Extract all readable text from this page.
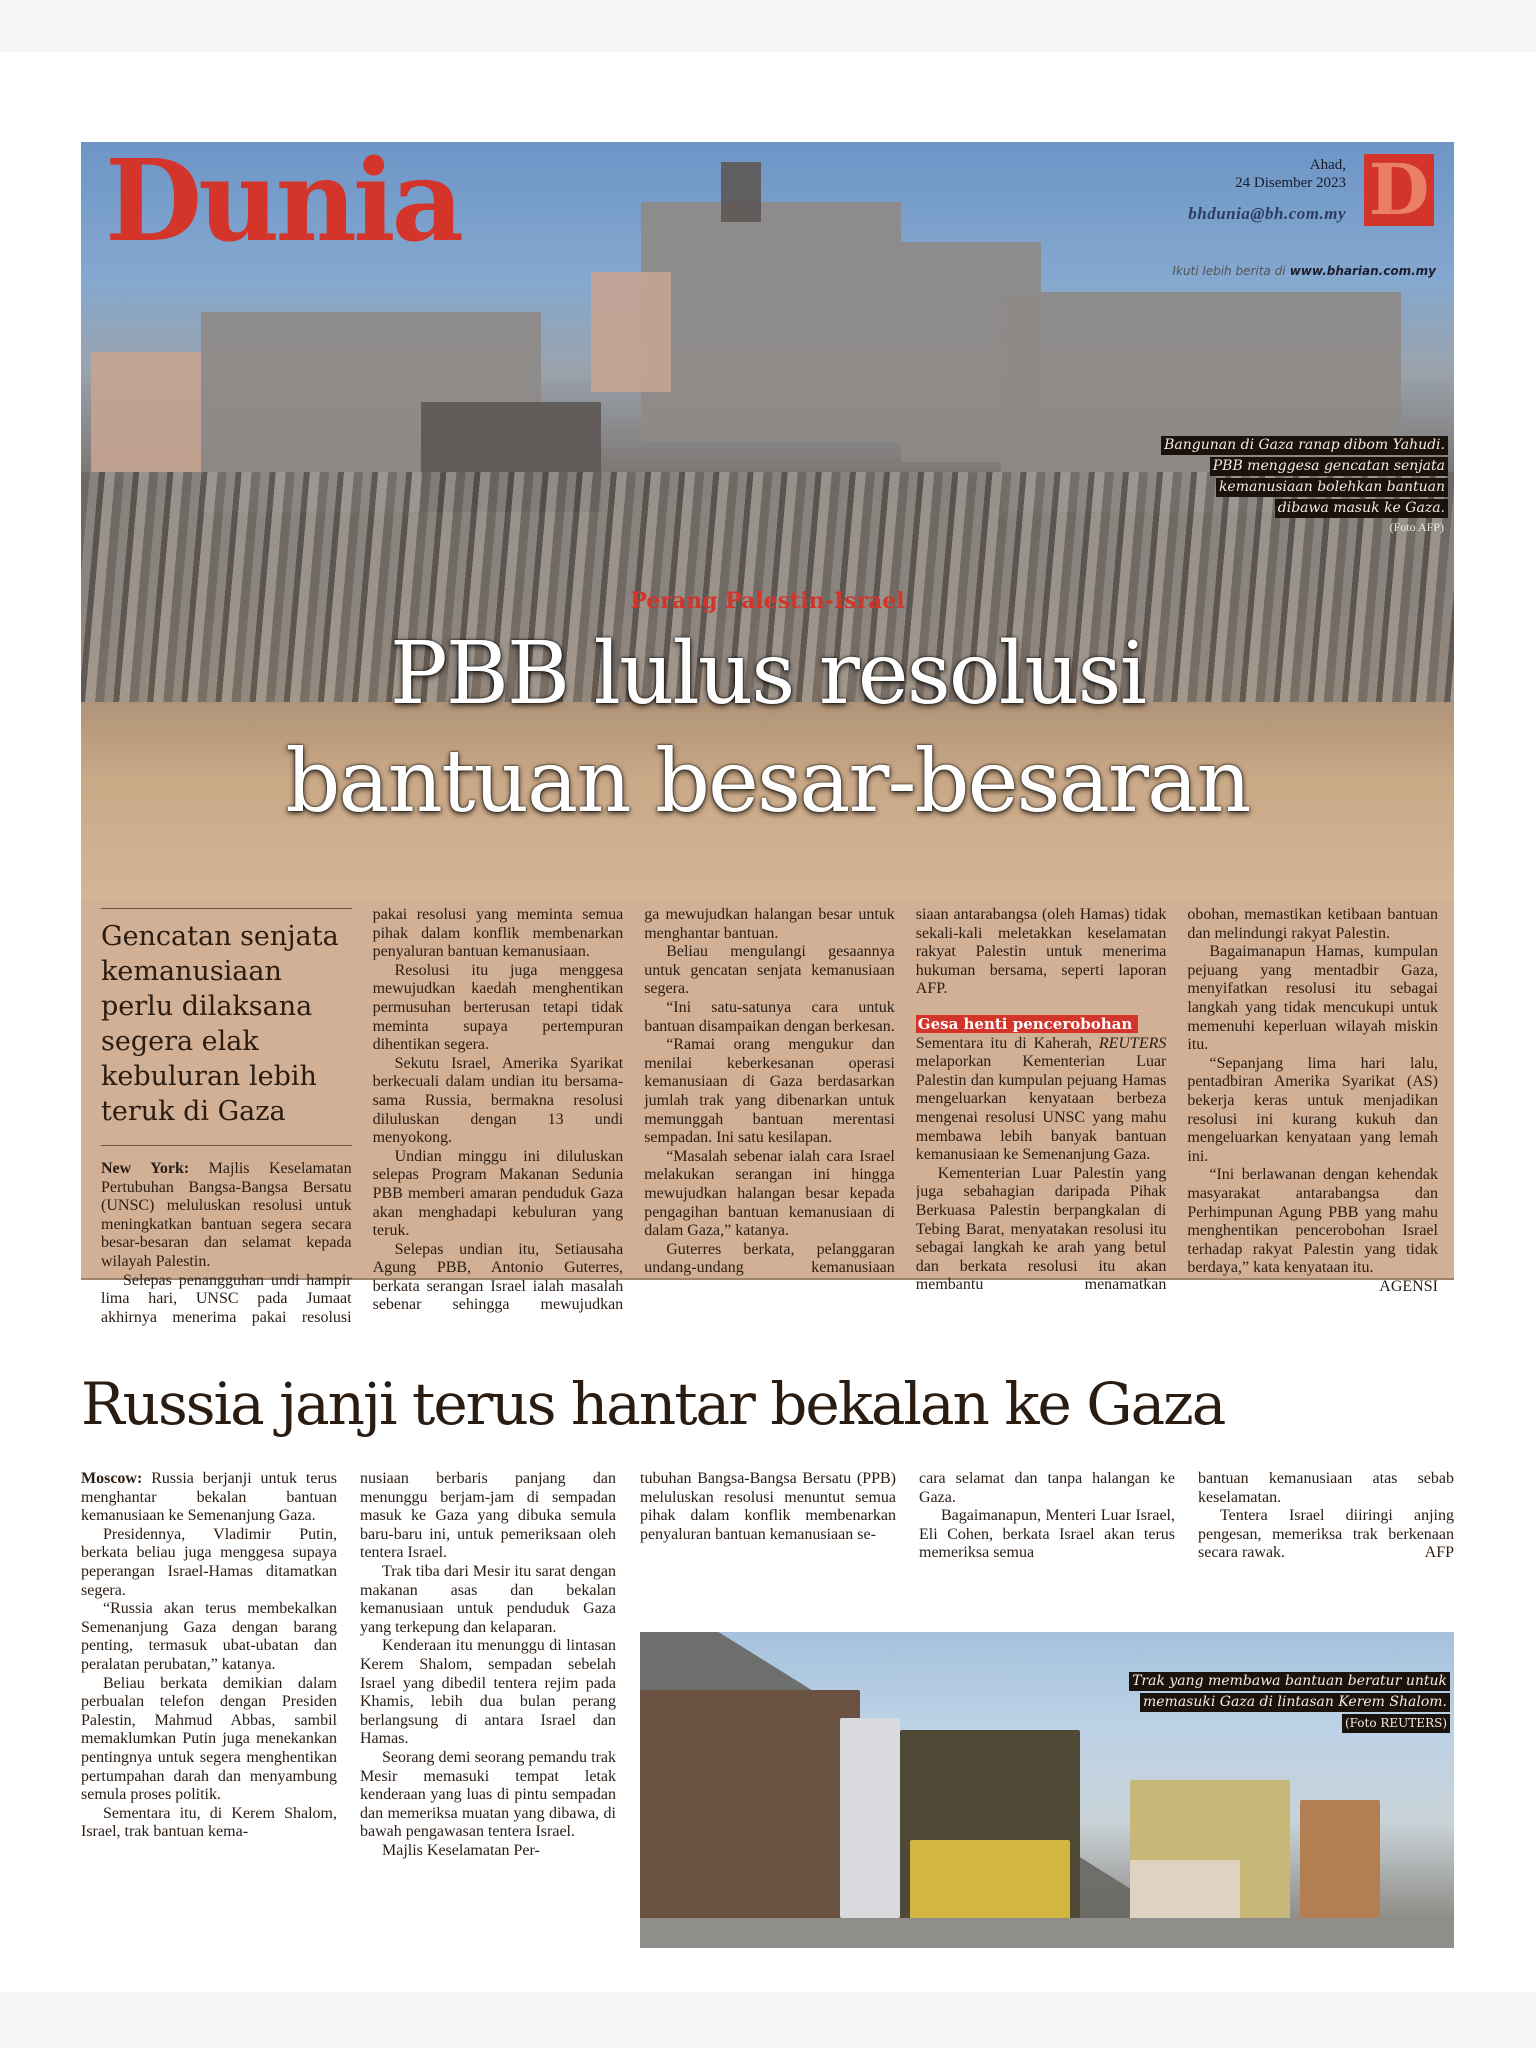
Dunia	Ahad,
24 Disember 2023
bhdunia@bh.com.my D
Ikuti lebih berita di www.bharian.com.my
Bangunan di Gaza ranap dibom Yahudi.
PBB menggesa gencatan senjata
kemanusiaan bolehkan bantuan
dibawa masuk ke Gaza.
(Foto AFP)
Perang Palestin-Israel
PBB lulus resolusi
bantuan besar-besaran
Gencatan senjata kemanusiaan perlu dilaksana segera elak kebuluran lebih teruk di Gaza

New York: Majlis Keselamatan Pertubuhan Bangsa-Bangsa Bersatu (UNSC) meluluskan resolusi untuk meningkatkan bantuan segera secara besar-besaran dan selamat kepada wilayah Palestin.

Selepas penangguhan undi hampir lima hari, UNSC pada Jumaat akhirnya menerima pakai resolusi

pakai resolusi yang meminta semua pihak dalam konflik membenarkan penyaluran bantuan kemanusiaan.

Resolusi itu juga menggesa mewujudkan kaedah menghentikan permusuhan berterusan tetapi tidak meminta supaya pertempuran dihentikan segera.

Sekutu Israel, Amerika Syarikat berkecuali dalam undian itu bersama-sama Russia, bermakna resolusi diluluskan dengan 13 undi menyokong.

Undian minggu ini diluluskan selepas Program Makanan Sedunia PBB memberi amaran penduduk Gaza akan menghadapi kebuluran yang teruk.

Selepas undian itu, Setiausaha Agung PBB, Antonio Guterres, berkata serangan Israel ialah masalah sebenar sehingga mewujudkan

ga mewujudkan halangan besar untuk menghantar bantuan.

Beliau mengulangi gesaannya untuk gencatan senjata kemanusiaan segera.

“Ini satu-satunya cara untuk bantuan disampaikan dengan berkesan.

“Ramai orang mengukur dan menilai keberkesanan operasi kemanusiaan di Gaza berdasarkan jumlah trak yang dibenarkan untuk memunggah bantuan merentasi sempadan. Ini satu kesilapan.

“Masalah sebenar ialah cara Israel melakukan serangan ini hingga mewujudkan halangan besar kepada pengagihan bantuan kemanusiaan di dalam Gaza,” katanya.

Guterres berkata, pelanggaran undang-undang kemanusiaan

siaan antarabangsa (oleh Hamas) tidak sekali-kali meletakkan keselamatan rakyat Palestin untuk menerima hukuman bersama, seperti laporan AFP.

Gesa henti pencerobohan

Sementara itu di Kaherah, REUTERS melaporkan Kementerian Luar Palestin dan kumpulan pejuang Hamas mengeluarkan kenyataan berbeza mengenai resolusi UNSC yang mahu membawa lebih banyak bantuan kemanusiaan ke Semenanjung Gaza.

Kementerian Luar Palestin yang juga sebahagian daripada Pihak Berkuasa Palestin berpangkalan di Tebing Barat, menyatakan resolusi itu sebagai langkah ke arah yang betul dan berkata resolusi itu akan membantu menamatkan

obohan, memastikan ketibaan bantuan dan melindungi rakyat Palestin.

Bagaimanapun Hamas, kumpulan pejuang yang mentadbir Gaza, menyifatkan resolusi itu sebagai langkah yang tidak mencukupi untuk memenuhi keperluan wilayah miskin itu.

“Sepanjang lima hari lalu, pentadbiran Amerika Syarikat (AS) bekerja keras untuk menjadikan resolusi ini kurang kukuh dan mengeluarkan kenyataan yang lemah ini.

“Ini berlawanan dengan kehendak masyarakat antarabangsa dan Perhimpunan Agung PBB yang mahu menghentikan pencerobohan Israel terhadap rakyat Palestin yang tidak berdaya,” kata kenyataan itu.

AGENSI

Russia janji terus hantar bekalan ke Gaza

Moscow: Russia berjanji untuk terus menghantar bekalan bantuan kemanusiaan ke Semenanjung Gaza.

Presidennya, Vladimir Putin, berkata beliau juga menggesa supaya peperangan Israel-Hamas ditamatkan segera.

“Russia akan terus membekalkan Semenanjung Gaza dengan barang penting, termasuk ubat-ubatan dan peralatan perubatan,” katanya.

Beliau berkata demikian dalam perbualan telefon dengan Presiden Palestin, Mahmud Abbas, sambil memaklumkan Putin juga menekankan pentingnya untuk segera menghentikan pertumpahan darah dan menyambung semula proses politik.

Sementara itu, di Kerem Shalom, Israel, trak bantuan kema-

nusiaan berbaris panjang dan menunggu berjam-jam di sempadan masuk ke Gaza yang dibuka semula baru-baru ini, untuk pemeriksaan oleh tentera Israel.

Trak tiba dari Mesir itu sarat dengan makanan asas dan bekalan kemanusiaan untuk penduduk Gaza yang terkepung dan kelaparan.

Kenderaan itu menunggu di lintasan Kerem Shalom, sempadan sebelah Israel yang dibedil tentera rejim pada Khamis, lebih dua bulan perang berlangsung di antara Israel dan Hamas.

Seorang demi seorang pemandu trak Mesir memasuki tempat letak kenderaan yang luas di pintu sempadan dan memeriksa muatan yang dibawa, di bawah pengawasan tentera Israel.

Majlis Keselamatan Per-

tubuhan Bangsa-Bangsa Bersatu (PPB) meluluskan resolusi menuntut semua pihak dalam konflik membenarkan penyaluran bantuan kemanusiaan se-

cara selamat dan tanpa halangan ke Gaza.

Bagaimanapun, Menteri Luar Israel, Eli Cohen, berkata Israel akan terus memeriksa semua

bantuan kemanusiaan atas sebab keselamatan.

Tentera Israel diiringi anjing pengesan, memeriksa trak berkenaan secara rawak.	AFP

Trak yang membawa bantuan beratur untuk
memasuki Gaza di lintasan Kerem Shalom.
(Foto REUTERS)
